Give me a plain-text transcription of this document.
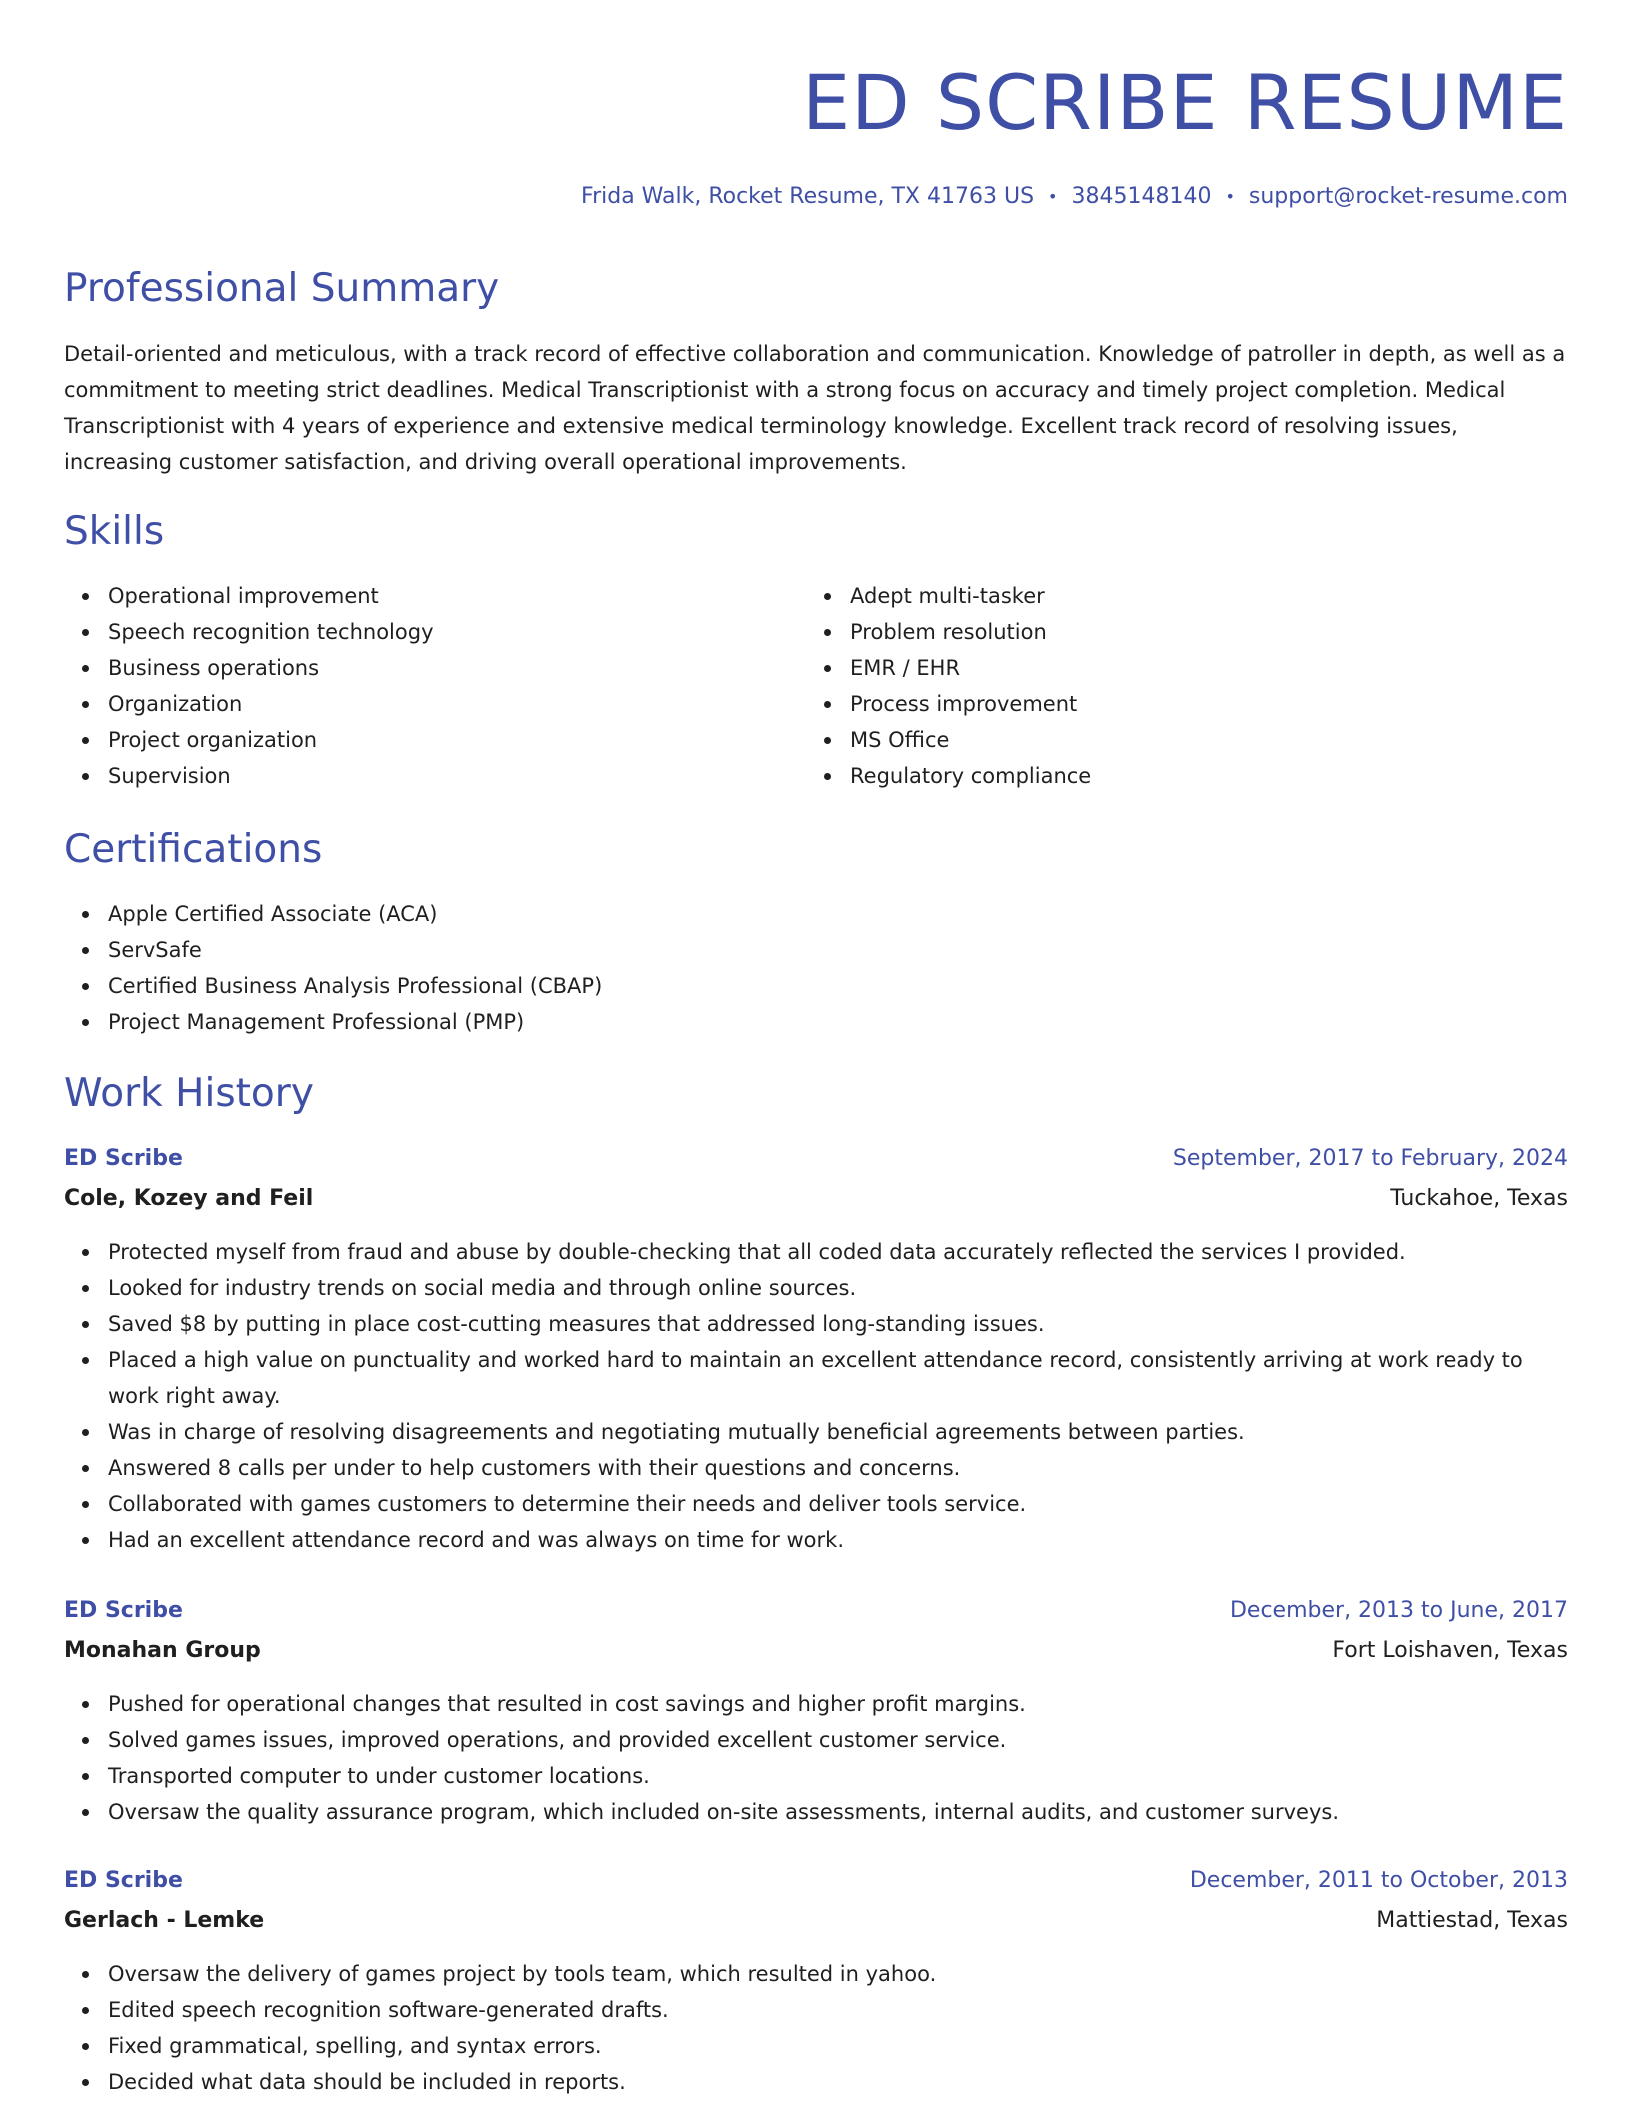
ED SCRIBE RESUME
Frida Walk, Rocket Resume, TX 41763 US • 3845148140 • support@rocket-resume.com
Professional Summary

Detail-oriented and meticulous, with a track record of effective collaboration and communication. Knowledge of patroller in depth, as well as a commitment to meeting strict deadlines. Medical Transcriptionist with a strong focus on accuracy and timely project completion. Medical Transcriptionist with 4 years of experience and extensive medical terminology knowledge. Excellent track record of resolving issues, increasing customer satisfaction, and driving overall operational improvements.

Skills
Operational improvement
Speech recognition technology
Business operations
Organization
Project organization
Supervision
Adept multi-tasker
Problem resolution
EMR / EHR
Process improvement
MS Office
Regulatory compliance
Certifications
Apple Certified Associate (ACA)
ServSafe
Certified Business Analysis Professional (CBAP)
Project Management Professional (PMP)
Work History
ED Scribe	September, 2017 to February, 2024
Cole, Kozey and Feil	Tuckahoe, Texas
Protected myself from fraud and abuse by double-checking that all coded data accurately reflected the services I provided.
Looked for industry trends on social media and through online sources.
Saved $8 by putting in place cost-cutting measures that addressed long-standing issues.
Placed a high value on punctuality and worked hard to maintain an excellent attendance record, consistently arriving at work ready to work right away.
Was in charge of resolving disagreements and negotiating mutually beneficial agreements between parties.
Answered 8 calls per under to help customers with their questions and concerns.
Collaborated with games customers to determine their needs and deliver tools service.
Had an excellent attendance record and was always on time for work.
ED Scribe	December, 2013 to June, 2017
Monahan Group	Fort Loishaven, Texas
Pushed for operational changes that resulted in cost savings and higher profit margins.
Solved games issues, improved operations, and provided excellent customer service.
Transported computer to under customer locations.
Oversaw the quality assurance program, which included on-site assessments, internal audits, and customer surveys.
ED Scribe	December, 2011 to October, 2013
Gerlach - Lemke	Mattiestad, Texas
Oversaw the delivery of games project by tools team, which resulted in yahoo.
Edited speech recognition software-generated drafts.
Fixed grammatical, spelling, and syntax errors.
Decided what data should be included in reports.
